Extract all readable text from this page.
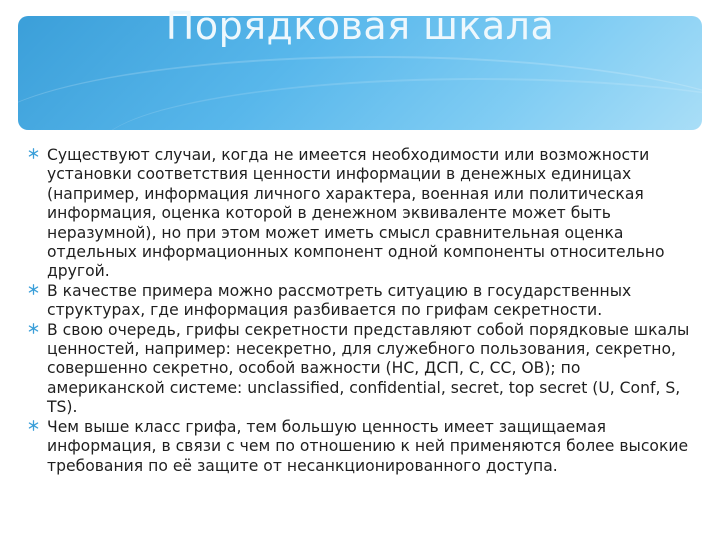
Порядковая шкала
Существуют случаи, когда не имеется необходимости или возможности установки соответствия ценности информации в денежных единицах (например, информация личного характера, военная или политическая информация, оценка которой в денежном эквиваленте может быть неразумной), но при этом может иметь смысл сравнительная оценка отдельных информационных компонент одной компоненты относительно другой.
В качестве примера можно рассмотреть ситуацию в государственных структурах, где информация разбивается по грифам секретности.
В свою очередь, грифы секретности представляют собой порядковые шкалы ценностей, например: несекретно, для служебного пользования, секретно, совершенно секретно, особой важности (НС, ДСП, С, СС, ОВ); по американской системе: unclassified, confidential, secret, top secret (U, Conf, S, TS).
Чем выше класс грифа, тем большую ценность имеет защищаемая информация, в связи с чем по отношению к ней применяются более высокие требования по её защите от несанкционированного доступа.
